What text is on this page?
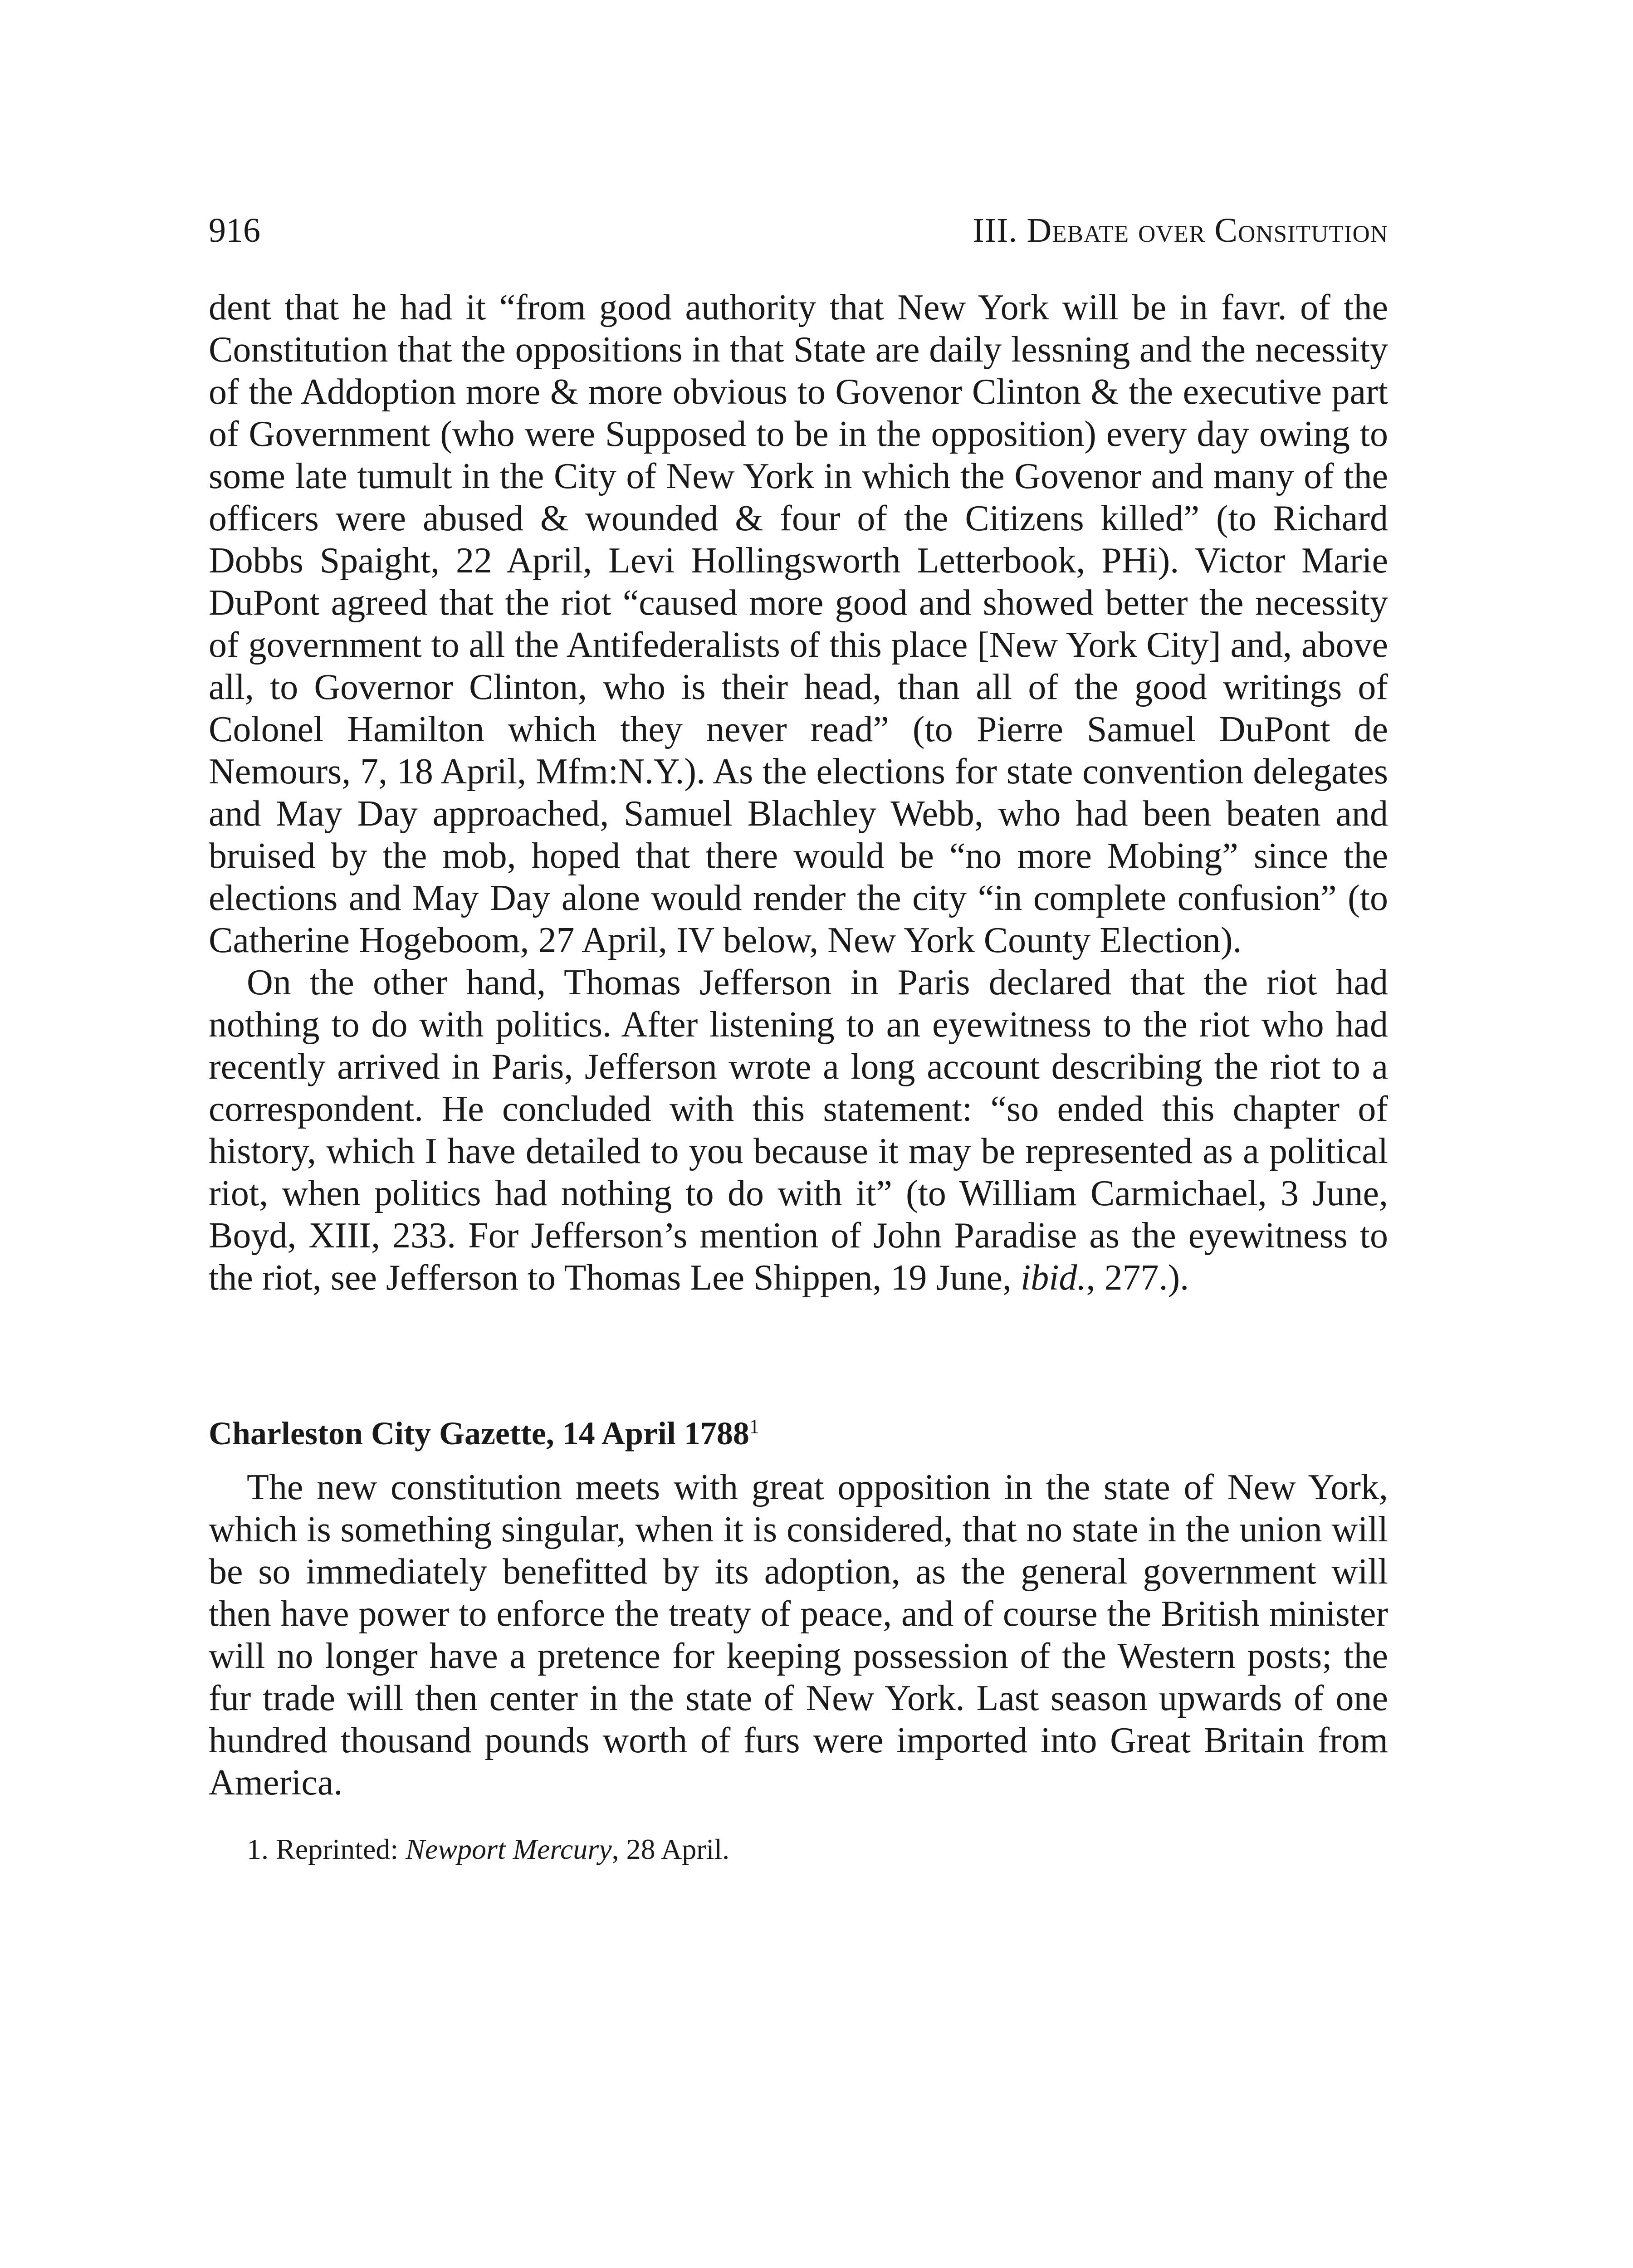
916	III. Debate over Consitution

dent that he had it “from good authority that New York will be in favr. of the Constitution that the oppositions in that State are daily lessning and the necessity of the Addoption more & more obvious to Govenor Clinton & the executive part of Government (who were Supposed to be in the opposition) every day owing to some late tumult in the City of New York in which the Govenor and many of the officers were abused & wounded & four of the Citizens killed” (to Richard Dobbs Spaight, 22 April, Levi Hollingsworth Letterbook, PHi). Victor Marie DuPont agreed that the riot “caused more good and showed better the necessity of government to all the Antifederalists of this place [New York City] and, above all, to Governor Clinton, who is their head, than all of the good writings of Colonel Hamilton which they never read” (to Pierre Samuel DuPont de Nemours, 7, 18 April, Mfm:N.Y.). As the elections for state convention delegates and May Day approached, Samuel Blachley Webb, who had been beaten and bruised by the mob, hoped that there would be “no more Mobing” since the elections and May Day alone would render the city “in complete confusion” (to Catherine Hogeboom, 27 April, IV below, New York County Election).

On the other hand, Thomas Jefferson in Paris declared that the riot had nothing to do with politics. After listening to an eyewitness to the riot who had recently arrived in Paris, Jefferson wrote a long account describing the riot to a correspondent. He concluded with this statement: “so ended this chapter of history, which I have detailed to you because it may be represented as a political riot, when politics had nothing to do with it” (to William Carmichael, 3 June, Boyd, XIII, 233. For Jefferson’s mention of John Paradise as the eyewitness to the riot, see Jefferson to Thomas Lee Shippen, 19 June, ibid., 277.).

Charleston City Gazette, 14 April 1788$^1$

The new constitution meets with great opposition in the state of New York, which is something singular, when it is considered, that no state in the union will be so immediately benefitted by its adoption, as the general government will then have power to enforce the treaty of peace, and of course the British minister will no longer have a pretence for keeping possession of the Western posts; the fur trade will then center in the state of New York. Last season upwards of one hundred thousand pounds worth of furs were imported into Great Britain from America.

1. Reprinted: Newport Mercury, 28 April.
